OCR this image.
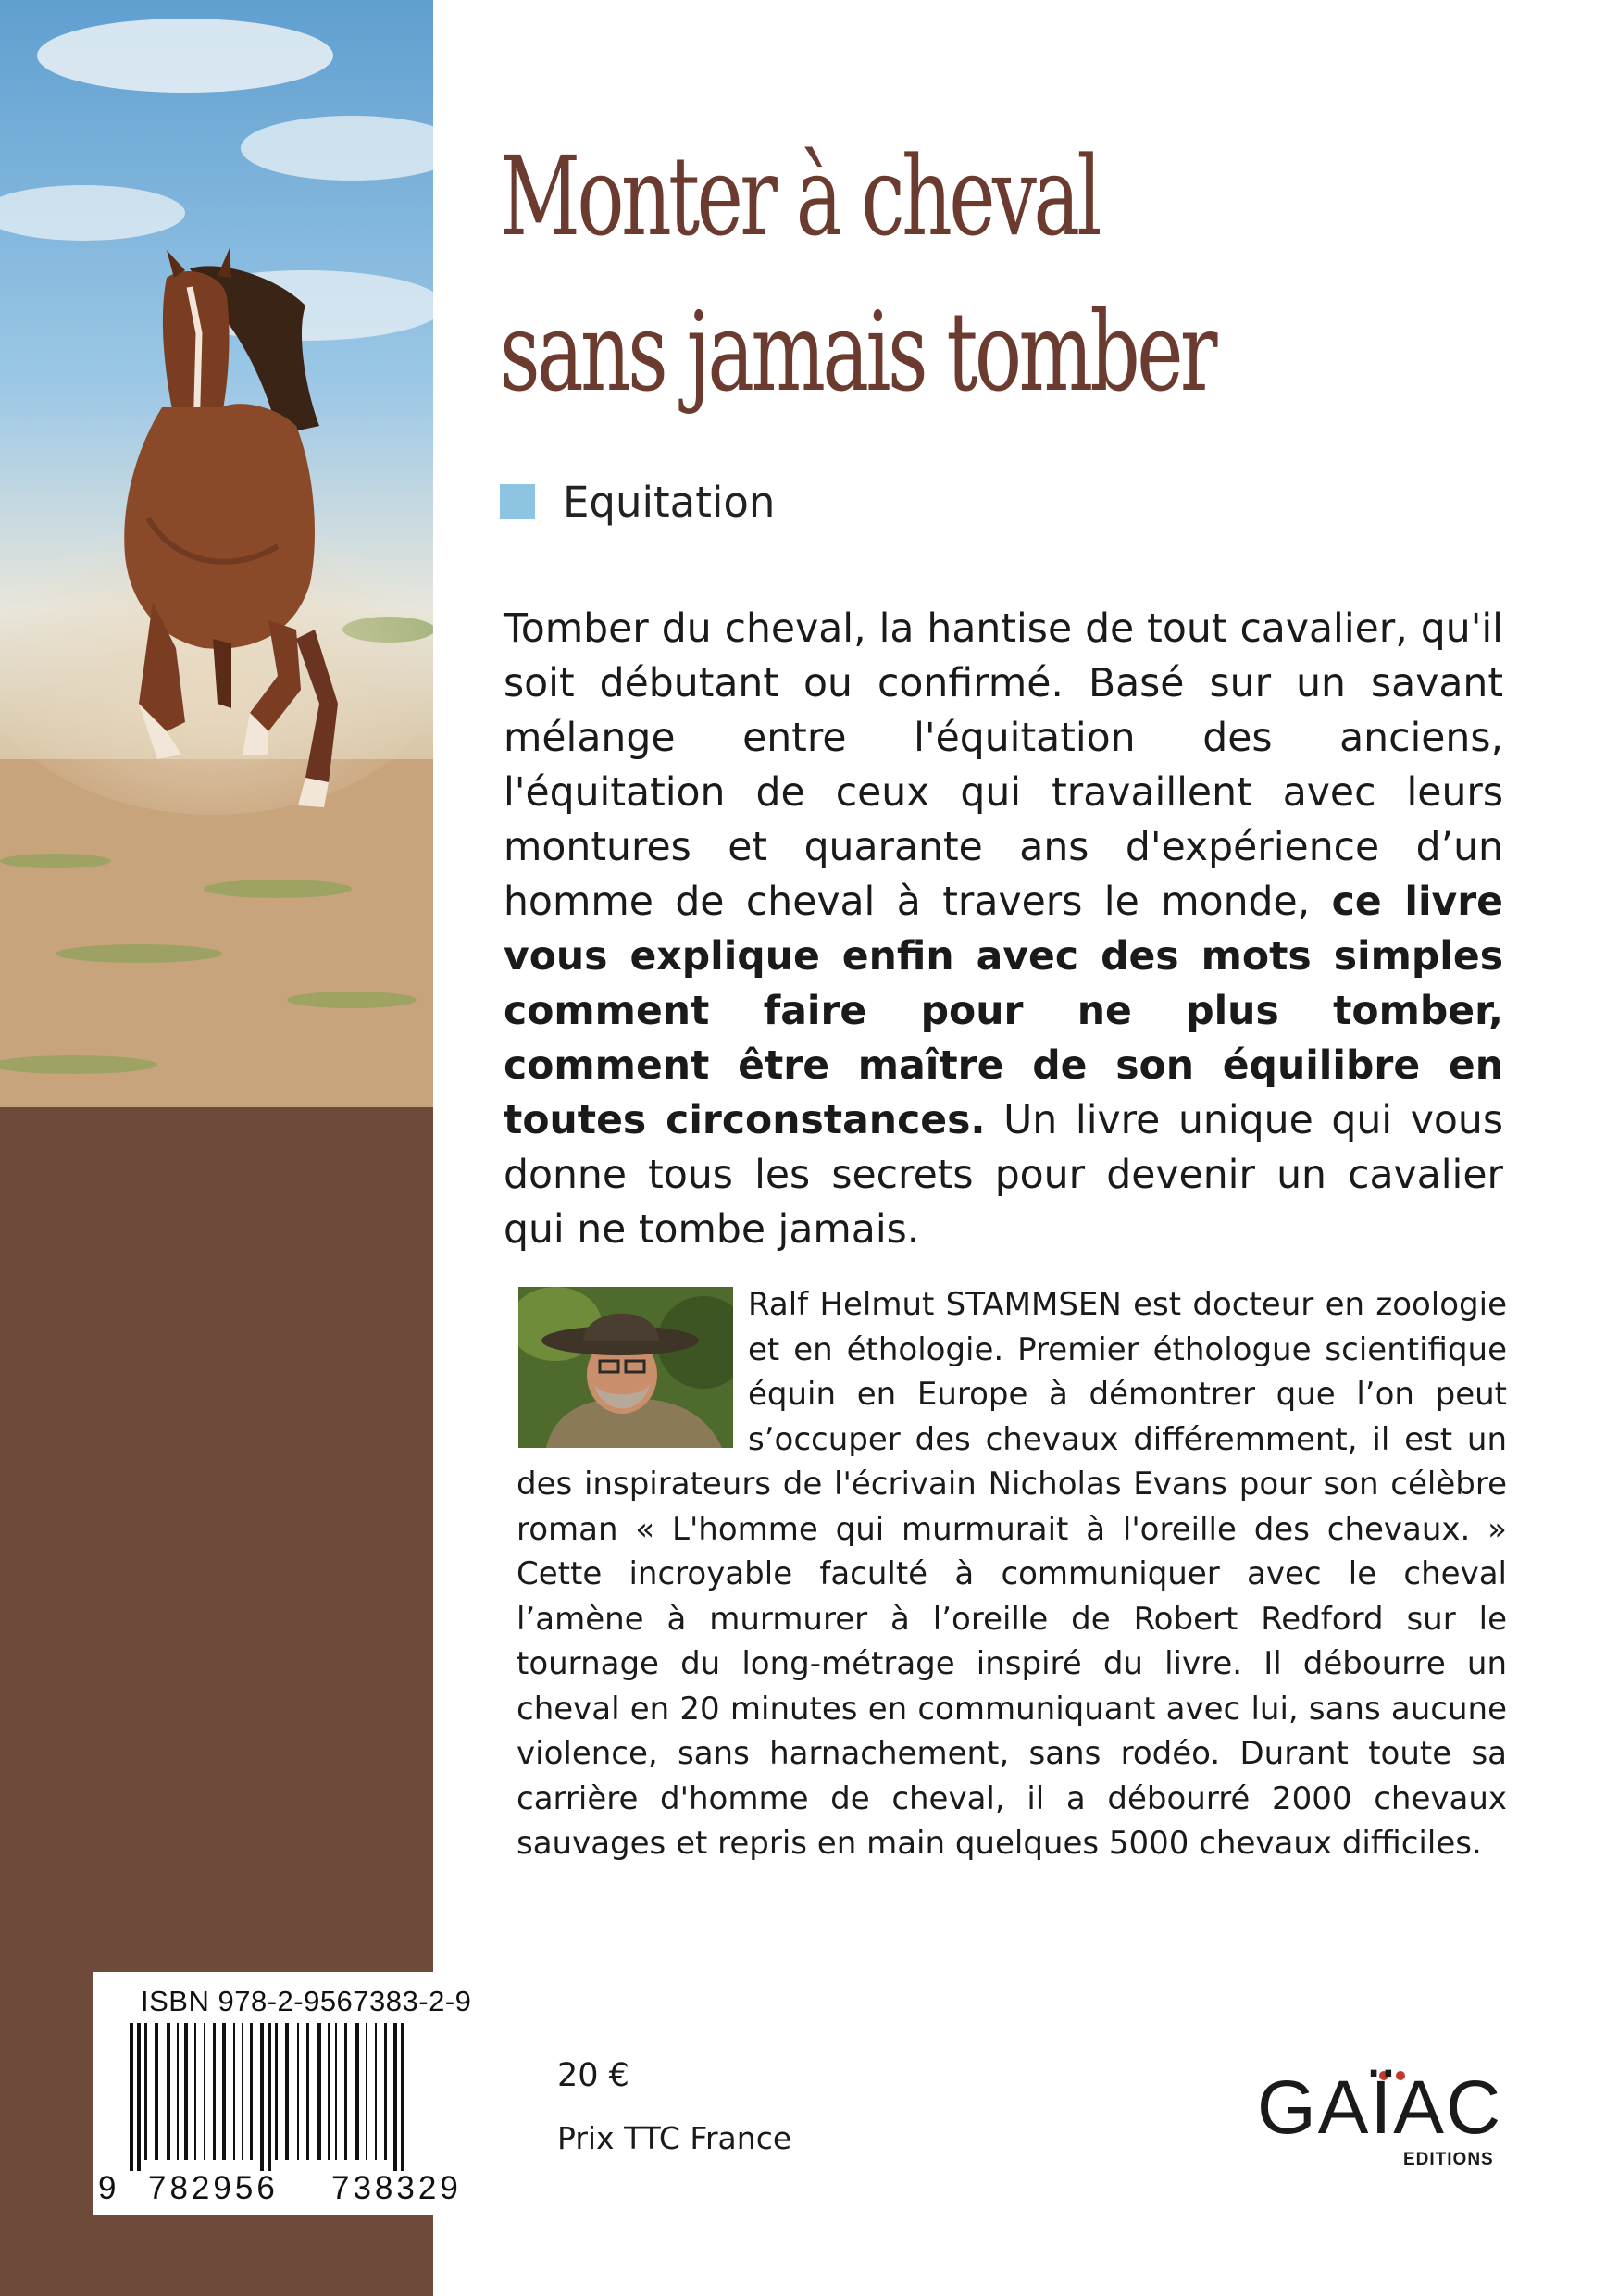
Monter à cheval
sans jamais tomber
Equitation

Tomber du cheval, la hantise de tout cavalier, qu'il soit débutant ou confirmé. Basé sur un savant mélange entre l'équitation des anciens, l'équitation de ceux qui travaillent avec leurs montures et quarante ans d'expérience d’un homme de cheval à travers le monde, ce livre vous explique enfin avec des mots simples comment faire pour ne plus tomber, comment être maître de son équilibre en toutes circonstances. Un livre unique qui vous donne tous les secrets pour devenir un cavalier qui ne tombe jamais.

Ralf Helmut STAMMSEN est docteur en zoologie et en éthologie. Premier éthologue scientifique équin en Europe à démontrer que l’on peut s’occuper des chevaux différemment, il est un des inspirateurs de l'écrivain Nicholas Evans pour son célèbre roman « L'homme qui murmurait à l'oreille des chevaux. » Cette incroyable faculté à communiquer avec le cheval l’amène à murmurer à l’oreille de Robert Redford sur le tournage du long-métrage inspiré du livre. Il débourre un cheval en 20 minutes en communiquant avec lui, sans aucune violence, sans harnachement, sans rodéo. Durant toute sa carrière d'homme de cheval, il a débourré 2000 chevaux sauvages et repris en main quelques 5000 chevaux difficiles.

ISBN 978-2-9567383-2-9
9 782956 738329
20 €
Prix TTC France	GAÏAC
EDITIONS
